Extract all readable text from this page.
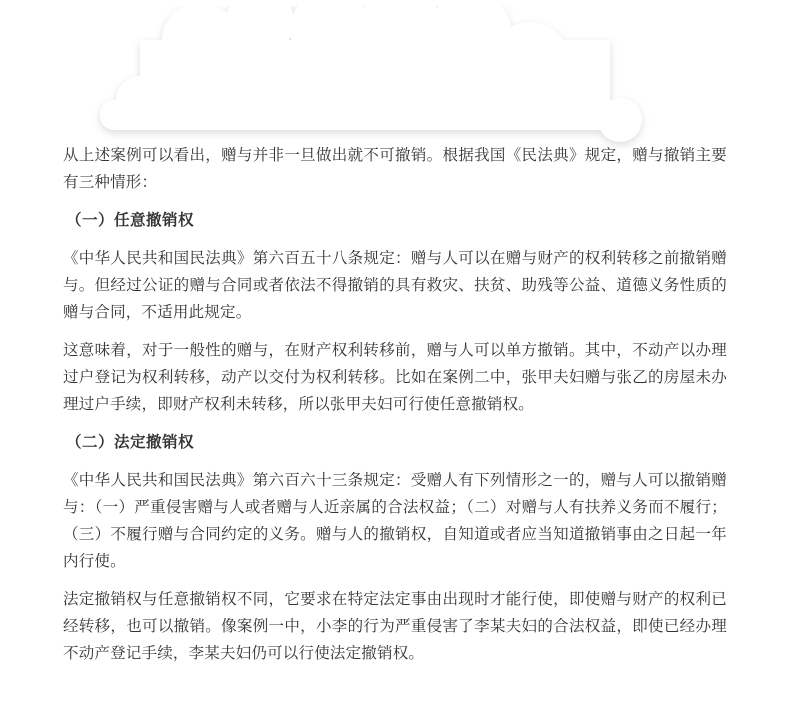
从上述案例可以看出，赠与并非一旦做出就不可撤销。根据我国《民法典》规定，赠与撤销主要有三种情形：

（一）任意撤销权

《中华人民共和国民法典》第六百五十八条规定：赠与人可以在赠与财产的权利转移之前撤销赠与。但经过公证的赠与合同或者依法不得撤销的具有救灾、扶贫、助残等公益、道德义务性质的赠与合同，不适用此规定。

这意味着，对于一般性的赠与，在财产权利转移前，赠与人可以单方撤销。其中，不动产以办理过户登记为权利转移，动产以交付为权利转移。比如在案例二中，张甲夫妇赠与张乙的房屋未办理过户手续，即财产权利未转移，所以张甲夫妇可行使任意撤销权。

（二）法定撤销权

《中华人民共和国民法典》第六百六十三条规定：受赠人有下列情形之一的，赠与人可以撤销赠与：（一）严重侵害赠与人或者赠与人近亲属的合法权益；（二）对赠与人有扶养义务而不履行；（三）不履行赠与合同约定的义务。赠与人的撤销权，自知道或者应当知道撤销事由之日起一年内行使。

法定撤销权与任意撤销权不同，它要求在特定法定事由出现时才能行使，即使赠与财产的权利已经转移，也可以撤销。像案例一中，小李的行为严重侵害了李某夫妇的合法权益，即使已经办理不动产登记手续，李某夫妇仍可以行使法定撤销权。
